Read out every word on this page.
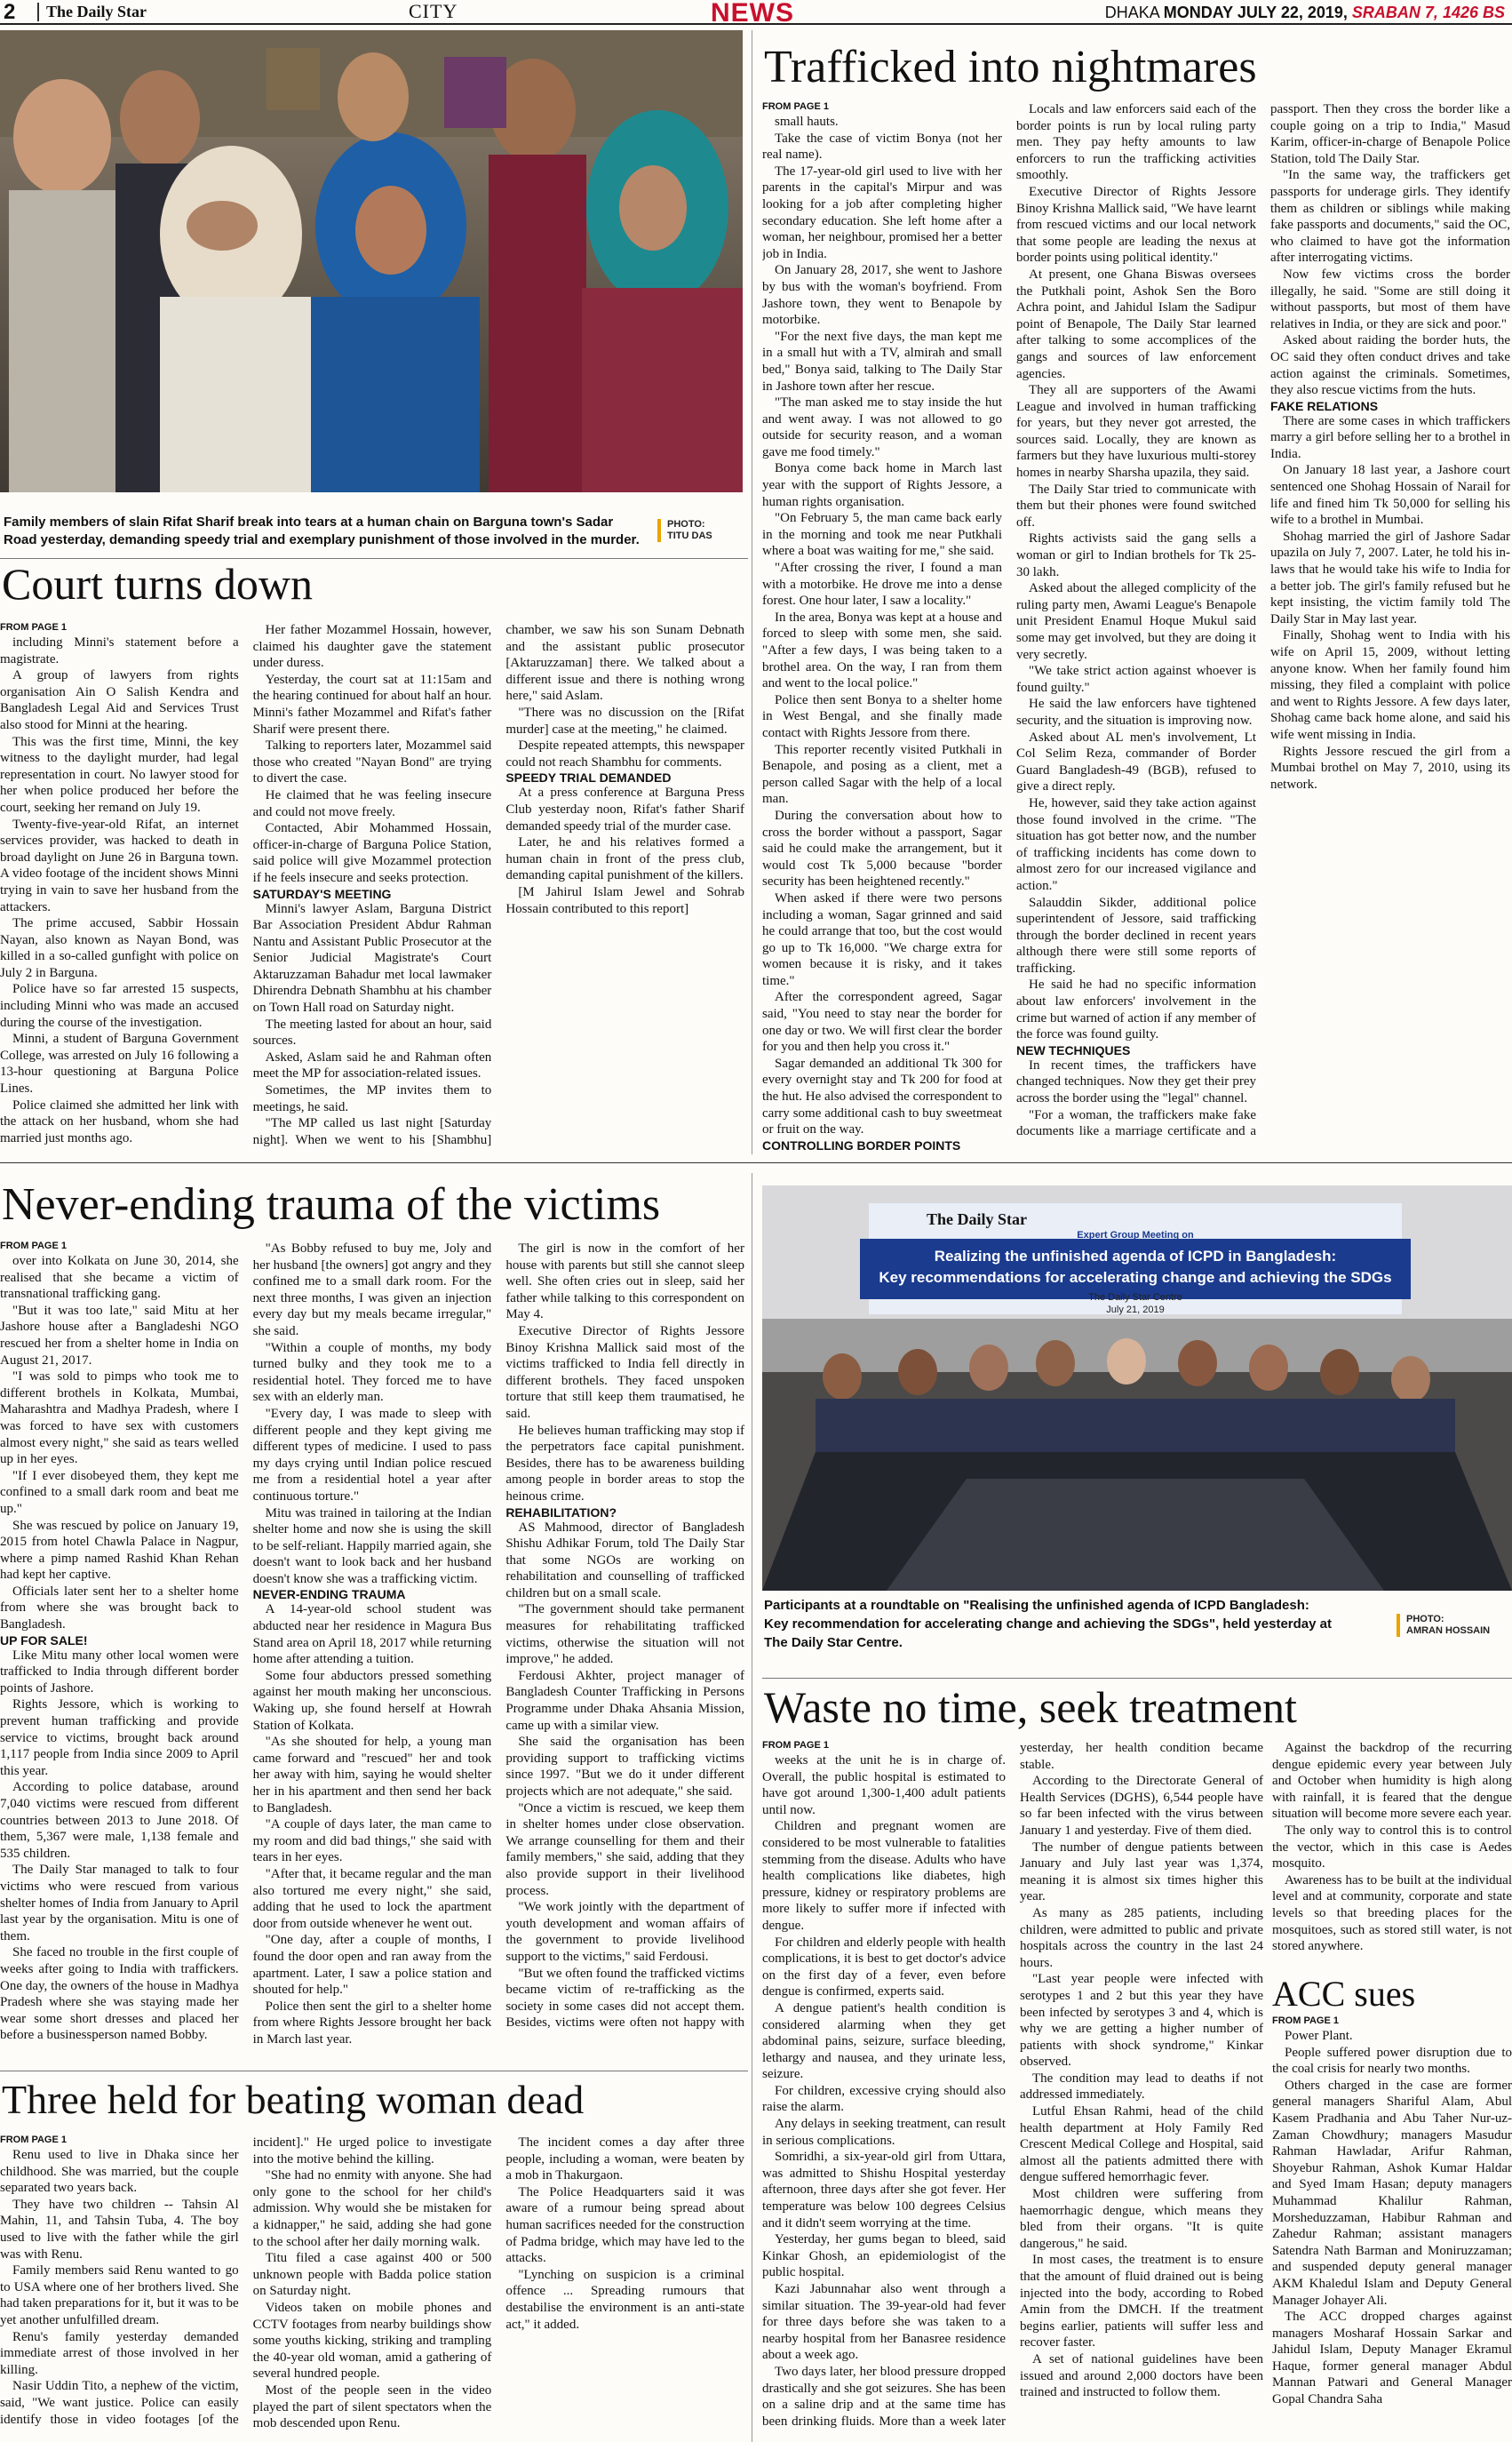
2	The Daily Star	CITY	NEWS	DHAKA MONDAY JULY 22, 2019, SRABAN 7, 1426 BS
Family members of slain Rifat Sharif break into tears at a human chain on Barguna town's Sadar Road yesterday, demanding speedy trial and exemplary punishment of those involved in the murder.
PHOTO:
TITU DAS
Court turns down

FROM PAGE 1

including Minni's statement before a magistrate.

A group of lawyers from rights organisation Ain O Salish Kendra and Bangladesh Legal Aid and Services Trust also stood for Minni at the hearing.

This was the first time, Minni, the key witness to the daylight murder, had legal representation in court. No lawyer stood for her when police produced her before the court, seeking her remand on July 19.

Twenty-five-year-old Rifat, an internet services provider, was hacked to death in broad daylight on June 26 in Barguna town. A video footage of the incident shows Minni trying in vain to save her husband from the attackers.

The prime accused, Sabbir Hossain Nayan, also known as Nayan Bond, was killed in a so-called gunfight with police on July 2 in Barguna.

Police have so far arrested 15 suspects, including Minni who was made an accused during the course of the investigation.

Minni, a student of Barguna Government College, was arrested on July 16 following a 13-hour questioning at Barguna Police Lines.

Police claimed she admitted her link with the attack on her husband, whom she had married just months ago.

Her father Mozammel Hossain, however, claimed his daughter gave the statement under duress.

Yesterday, the court sat at 11:15am and the hearing continued for about half an hour. Minni's father Mozammel and Rifat's father Sharif were present there.

Talking to reporters later, Mozammel said those who created "Nayan Bond" are trying to divert the case.

He claimed that he was feeling insecure and could not move freely.

Contacted, Abir Mohammed Hossain, officer-in-charge of Barguna Police Station, said police will give Mozammel protection if he feels insecure and seeks protection.

SATURDAY'S MEETING

Minni's lawyer Aslam, Barguna District Bar Association President Abdur Rahman Nantu and Assistant Public Prosecutor at the Senior Judicial Magistrate's Court Aktaruzzaman Bahadur met local lawmaker Dhirendra Debnath Shambhu at his chamber on Town Hall road on Saturday night.

The meeting lasted for about an hour, said sources.

Asked, Aslam said he and Rahman often meet the MP for association-related issues.

Sometimes, the MP invites them to meetings, he said.

"The MP called us last night [Saturday night]. When we went to his [Shambhu] chamber, we saw his son Sunam Debnath and the assistant public prosecutor [Aktaruzzaman] there. We talked about a different issue and there is nothing wrong here," said Aslam.

"There was no discussion on the [Rifat murder] case at the meeting," he claimed.

Despite repeated attempts, this newspaper could not reach Shambhu for comments.

SPEEDY TRIAL DEMANDED

At a press conference at Barguna Press Club yesterday noon, Rifat's father Sharif demanded speedy trial of the murder case.

Later, he and his relatives formed a human chain in front of the press club, demanding capital punishment of the killers.

[M Jahirul Islam Jewel and Sohrab Hossain contributed to this report]

Trafficked into nightmares

FROM PAGE 1

small hauts.

Take the case of victim Bonya (not her real name).

The 17-year-old girl used to live with her parents in the capital's Mirpur and was looking for a job after completing higher secondary education. She left home after a woman, her neighbour, promised her a better job in India.

On January 28, 2017, she went to Jashore by bus with the woman's boyfriend. From Jashore town, they went to Benapole by motorbike.

"For the next five days, the man kept me in a small hut with a TV, almirah and small bed," Bonya said, talking to The Daily Star in Jashore town after her rescue.

"The man asked me to stay inside the hut and went away. I was not allowed to go outside for security reason, and a woman gave me food timely."

Bonya come back home in March last year with the support of Rights Jessore, a human rights organisation.

"On February 5, the man came back early in the morning and took me near Putkhali where a boat was waiting for me," she said.

"After crossing the river, I found a man with a motorbike. He drove me into a dense forest. One hour later, I saw a locality."

In the area, Bonya was kept at a house and forced to sleep with some men, she said. "After a few days, I was being taken to a brothel area. On the way, I ran from them and went to the local police."

Police then sent Bonya to a shelter home in West Bengal, and she finally made contact with Rights Jessore from there.

This reporter recently visited Putkhali in Benapole, and posing as a client, met a person called Sagar with the help of a local man.

During the conversation about how to cross the border without a passport, Sagar said he could make the arrangement, but it would cost Tk 5,000 because "border security has been heightened recently."

When asked if there were two persons including a woman, Sagar grinned and said he could arrange that too, but the cost would go up to Tk 16,000. "We charge extra for women because it is risky, and it takes time."

After the correspondent agreed, Sagar said, "You need to stay near the border for one day or two. We will first clear the border for you and then help you cross it."

Sagar demanded an additional Tk 300 for every overnight stay and Tk 200 for food at the hut. He also advised the correspondent to carry some additional cash to buy sweetmeat or fruit on the way.

CONTROLLING BORDER POINTS

Locals and law enforcers said each of the border points is run by local ruling party men. They pay hefty amounts to law enforcers to run the trafficking activities smoothly.

Executive Director of Rights Jessore Binoy Krishna Mallick said, "We have learnt from rescued victims and our local network that some people are leading the nexus at border points using political identity."

At present, one Ghana Biswas oversees the Putkhali point, Ashok Sen the Boro Achra point, and Jahidul Islam the Sadipur point of Benapole, The Daily Star learned after talking to some accomplices of the gangs and sources of law enforcement agencies.

They all are supporters of the Awami League and involved in human trafficking for years, but they never got arrested, the sources said. Locally, they are known as farmers but they have luxurious multi-storey homes in nearby Sharsha upazila, they said.

The Daily Star tried to communicate with them but their phones were found switched off.

Rights activists said the gang sells a woman or girl to Indian brothels for Tk 25-30 lakh.

Asked about the alleged complicity of the ruling party men, Awami League's Benapole unit President Enamul Hoque Mukul said some may get involved, but they are doing it very secretly.

"We take strict action against whoever is found guilty."

He said the law enforcers have tightened security, and the situation is improving now.

Asked about AL men's involvement, Lt Col Selim Reza, commander of Border Guard Bangladesh-49 (BGB), refused to give a direct reply.

He, however, said they take action against those found involved in the crime. "The situation has got better now, and the number of trafficking incidents has come down to almost zero for our increased vigilance and action."

Salauddin Sikder, additional police superintendent of Jessore, said trafficking through the border declined in recent years although there were still some reports of trafficking.

He said he had no specific information about law enforcers' involvement in the crime but warned of action if any member of the force was found guilty.

NEW TECHNIQUES

In recent times, the traffickers have changed techniques. Now they get their prey across the border using the "legal" channel.

"For a woman, the traffickers make fake documents like a marriage certificate and a passport. Then they cross the border like a couple going on a trip to India," Masud Karim, officer-in-charge of Benapole Police Station, told The Daily Star.

"In the same way, the traffickers get passports for underage girls. They identify them as children or siblings while making fake passports and documents," said the OC, who claimed to have got the information after interrogating victims.

Now few victims cross the border illegally, he said. "Some are still doing it without passports, but most of them have relatives in India, or they are sick and poor."

Asked about raiding the border huts, the OC said they often conduct drives and take action against the criminals. Sometimes, they also rescue victims from the huts.

FAKE RELATIONS

There are some cases in which traffickers marry a girl before selling her to a brothel in India.

On January 18 last year, a Jashore court sentenced one Shohag Hossain of Narail for life and fined him Tk 50,000 for selling his wife to a brothel in Mumbai.

Shohag married the girl of Jashore Sadar upazila on July 7, 2007. Later, he told his in-laws that he would take his wife to India for a better job. The girl's family refused but he kept insisting, the victim family told The Daily Star in May last year.

Finally, Shohag went to India with his wife on April 15, 2009, without letting anyone know. When her family found him missing, they filed a complaint with police and went to Rights Jessore. A few days later, Shohag came back home alone, and said his wife went missing in India.

Rights Jessore rescued the girl from a Mumbai brothel on May 7, 2010, using its network.

Never-ending trauma of the victims

FROM PAGE 1

over into Kolkata on June 30, 2014, she realised that she became a victim of transnational trafficking gang.

"But it was too late," said Mitu at her Jashore house after a Bangladeshi NGO rescued her from a shelter home in India on August 21, 2017.

"I was sold to pimps who took me to different brothels in Kolkata, Mumbai, Maharashtra and Madhya Pradesh, where I was forced to have sex with customers almost every night," she said as tears welled up in her eyes.

"If I ever disobeyed them, they kept me confined to a small dark room and beat me up."

She was rescued by police on January 19, 2015 from hotel Chawla Palace in Nagpur, where a pimp named Rashid Khan Rehan had kept her captive.

Officials later sent her to a shelter home from where she was brought back to Bangladesh.

UP FOR SALE!

Like Mitu many other local women were trafficked to India through different border points of Jashore.

Rights Jessore, which is working to prevent human trafficking and provide service to victims, brought back around 1,117 people from India since 2009 to April this year.

According to police database, around 7,040 victims were rescued from different countries between 2013 to June 2018. Of them, 5,367 were male, 1,138 female and 535 children.

The Daily Star managed to talk to four victims who were rescued from various shelter homes of India from January to April last year by the organisation. Mitu is one of them.

She faced no trouble in the first couple of weeks after going to India with traffickers. One day, the owners of the house in Madhya Pradesh where she was staying made her wear some short dresses and placed her before a businessperson named Bobby.

"As Bobby refused to buy me, Joly and her husband [the owners] got angry and they confined me to a small dark room. For the next three months, I was given an injection every day but my meals became irregular," she said.

"Within a couple of months, my body turned bulky and they took me to a residential hotel. They forced me to have sex with an elderly man.

"Every day, I was made to sleep with different people and they kept giving me different types of medicine. I used to pass my days crying until Indian police rescued me from a residential hotel a year after continuous torture."

Mitu was trained in tailoring at the Indian shelter home and now she is using the skill to be self-reliant. Happily married again, she doesn't want to look back and her husband doesn't know she was a trafficking victim.

NEVER-ENDING TRAUMA

A 14-year-old school student was abducted near her residence in Magura Bus Stand area on April 18, 2017 while returning home after attending a tuition.

Some four abductors pressed something against her mouth making her unconscious. Waking up, she found herself at Howrah Station of Kolkata.

"As she shouted for help, a young man came forward and "rescued" her and took her away with him, saying he would shelter her in his apartment and then send her back to Bangladesh.

"A couple of days later, the man came to my room and did bad things," she said with tears in her eyes.

"After that, it became regular and the man also tortured me every night," she said, adding that he used to lock the apartment door from outside whenever he went out.

"One day, after a couple of months, I found the door open and ran away from the apartment. Later, I saw a police station and shouted for help."

Police then sent the girl to a shelter home from where Rights Jessore brought her back in March last year.

The girl is now in the comfort of her house with parents but still she cannot sleep well. She often cries out in sleep, said her father while talking to this correspondent on May 4.

Executive Director of Rights Jessore Binoy Krishna Mallick said most of the victims trafficked to India fell directly in different brothels. They faced unspoken torture that still keep them traumatised, he said.

He believes human trafficking may stop if the perpetrators face capital punishment. Besides, there has to be awareness building among people in border areas to stop the heinous crime.

REHABILITATION?

AS Mahmood, director of Bangladesh Shishu Adhikar Forum, told The Daily Star that some NGOs are working on rehabilitation and counselling of trafficked children but on a small scale.

"The government should take permanent measures for rehabilitating trafficked victims, otherwise the situation will not improve," he added.

Ferdousi Akhter, project manager of Bangladesh Counter Trafficking in Persons Programme under Dhaka Ahsania Mission, came up with a similar view.

She said the organisation has been providing support to trafficking victims since 1997. "But we do it under different projects which are not adequate," she said.

"Once a victim is rescued, we keep them in shelter homes under close observation. We arrange counselling for them and their family members," she said, adding that they also provide support in their livelihood process.

"We work jointly with the department of youth development and woman affairs of the government to provide livelihood support to the victims," said Ferdousi.

"But we often found the trafficked victims became victim of re-trafficking as the society in some cases did not accept them. Besides, victims were often not happy with

The Daily Star
Expert Group Meeting on
Realizing the unfinished agenda of ICPD in Bangladesh:
Key recommendations for accelerating change and achieving the SDGs
The Daily Star Centre
July 21, 2019
Participants at a roundtable on "Realising the unfinished agenda of ICPD Bangladesh: Key recommendation for accelerating change and achieving the SDGs", held yesterday at The Daily Star Centre.
PHOTO:
AMRAN HOSSAIN
Waste no time, seek treatment

FROM PAGE 1

weeks at the unit he is in charge of. Overall, the public hospital is estimated to have got around 1,300-1,400 adult patients until now.

Children and pregnant women are considered to be most vulnerable to fatalities stemming from the disease. Adults who have health complications like diabetes, high pressure, kidney or respiratory problems are more likely to suffer more if infected with dengue.

For children and elderly people with health complications, it is best to get doctor's advice on the first day of a fever, even before dengue is confirmed, experts said.

A dengue patient's health condition is considered alarming when they get abdominal pains, seizure, surface bleeding, lethargy and nausea, and they urinate less, seizure.

For children, excessive crying should also raise the alarm.

Any delays in seeking treatment, can result in serious complications.

Somridhi, a six-year-old girl from Uttara, was admitted to Shishu Hospital yesterday afternoon, three days after she got fever. Her temperature was below 100 degrees Celsius and it didn't seem worrying at the time.

Yesterday, her gums began to bleed, said Kinkar Ghosh, an epidemiologist of the public hospital.

Kazi Jabunnahar also went through a similar situation. The 39-year-old had fever for three days before she was taken to a nearby hospital from her Banasree residence about a week ago.

Two days later, her blood pressure dropped drastically and she got seizures. She has been on a saline drip and at the same time has been drinking fluids. More than a week later yesterday, her health condition became stable.

According to the Directorate General of Health Services (DGHS), 6,544 people have so far been infected with the virus between January 1 and yesterday. Five of them died.

The number of dengue patients between January and July last year was 1,374, meaning it is almost six times higher this year.

As many as 285 patients, including children, were admitted to public and private hospitals across the country in the last 24 hours.

"Last year people were infected with serotypes 1 and 2 but this year they have been infected by serotypes 3 and 4, which is why we are getting a higher number of patients with shock syndrome," Kinkar observed.

The condition may lead to deaths if not addressed immediately.

Lutful Ehsan Rahmi, head of the child health department at Holy Family Red Crescent Medical College and Hospital, said almost all the patients admitted there with dengue suffered hemorrhagic fever.

Most children were suffering from haemorrhagic dengue, which means they bled from their organs. "It is quite dangerous," he said.

In most cases, the treatment is to ensure that the amount of fluid drained out is being injected into the body, according to Robed Amin from the DMCH. If the treatment begins earlier, patients will suffer less and recover faster.

A set of national guidelines have been issued and around 2,000 doctors have been trained and instructed to follow them.

Against the backdrop of the recurring dengue epidemic every year between July and October when humidity is high along with rainfall, it is feared that the dengue situation will become more severe each year.

The only way to control this is to control the vector, which in this case is Aedes mosquito.

Awareness has to be built at the individual level and at community, corporate and state levels so that breeding places for the mosquitoes, such as stored still water, is not stored anywhere.

ACC sues

FROM PAGE 1

Power Plant.

People suffered power disruption due to the coal crisis for nearly two months.

Others charged in the case are former general managers Shariful Alam, Abul Kasem Pradhania and Abu Taher Nur-uz-Zaman Chowdhury; managers Masudur Rahman Hawladar, Arifur Rahman, Shoyebur Rahman, Ashok Kumar Haldar and Syed Imam Hasan; deputy managers Muhammad Khalilur Rahman, Morsheduzzaman, Habibur Rahman and Zahedur Rahman; assistant managers Satendra Nath Barman and Moniruzzaman; and suspended deputy general manager AKM Khaledul Islam and Deputy General Manager Johayer Ali.

The ACC dropped charges against managers Mosharaf Hossain Sarkar and Jahidul Islam, Deputy Manager Ekramul Haque, former general manager Abdul Mannan Patwari and General Manager Gopal Chandra Saha

Three held for beating woman dead

FROM PAGE 1

Renu used to live in Dhaka since her childhood. She was married, but the couple separated two years back.

They have two children -- Tahsin Al Mahin, 11, and Tahsin Tuba, 4. The boy used to live with the father while the girl was with Renu.

Family members said Renu wanted to go to USA where one of her brothers lived. She had taken preparations for it, but it was to be yet another unfulfilled dream.

Renu's family yesterday demanded immediate arrest of those involved in her killing.

Nasir Uddin Tito, a nephew of the victim, said, "We want justice. Police can easily identify those in video footages [of the incident]." He urged police to investigate into the motive behind the killing.

"She had no enmity with anyone. She had only gone to the school for her child's admission. Why would she be mistaken for a kidnapper," he said, adding she had gone to the school after her daily morning walk.

Titu filed a case against 400 or 500 unknown people with Badda police station on Saturday night.

Videos taken on mobile phones and CCTV footages from nearby buildings show some youths kicking, striking and trampling the 40-year old woman, amid a gathering of several hundred people.

Most of the people seen in the video played the part of silent spectators when the mob descended upon Renu.

The incident comes a day after three people, including a woman, were beaten by a mob in Thakurgaon.

The Police Headquarters said it was aware of a rumour being spread about human sacrifices needed for the construction of Padma bridge, which may have led to the attacks.

"Lynching on suspicion is a criminal offence ... Spreading rumours that destabilise the environment is an anti-state act," it added.
